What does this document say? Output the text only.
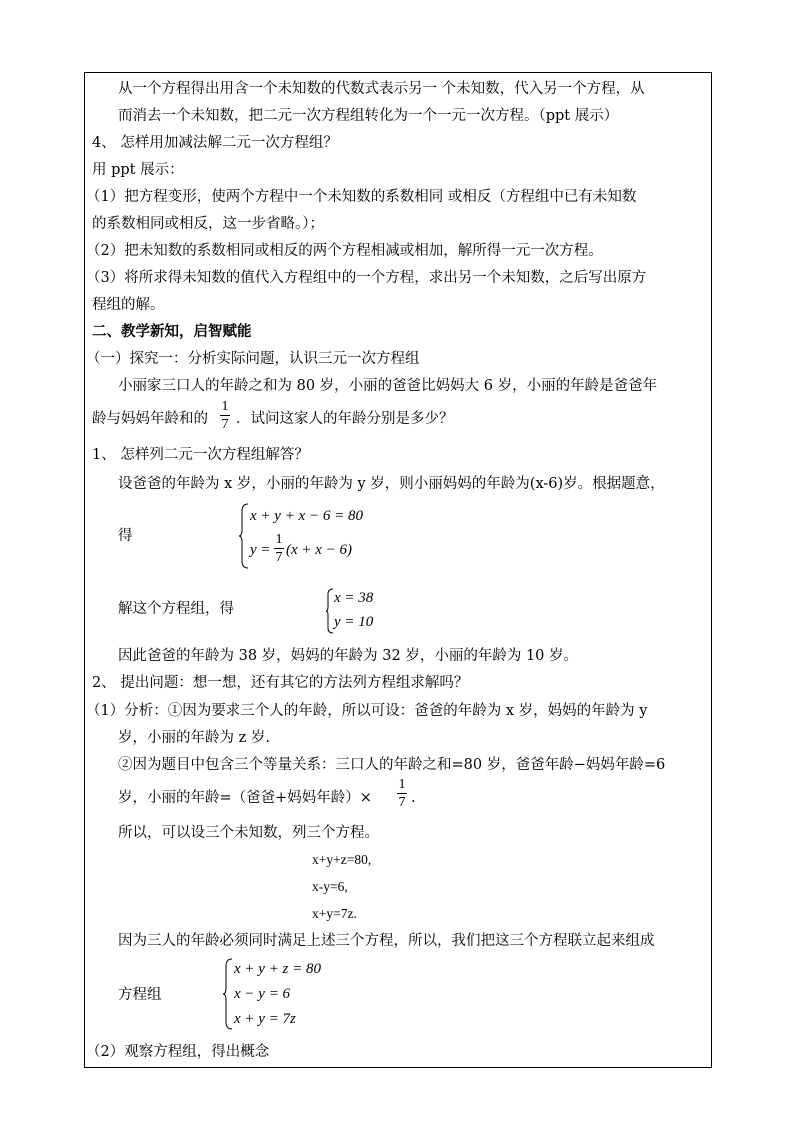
从一个方程得出用含一个未知数的代数式表示另一 个未知数，代入另一个方程，从
而消去一个未知数，把二元一次方程组转化为一个一元一次方程。（ppt 展示）
4、 怎样用加减法解二元一次方程组？
用 ppt 展示：
（1）把方程变形，使两个方程中一个未知数的系数相同 或相反（方程组中已有未知数
的系数相同或相反，这一步省略。）；
（2）把未知数的系数相同或相反的两个方程相减或相加，解所得一元一次方程。
（3）将所求得未知数的值代入方程组中的一个方程，求出另一个未知数，之后写出原方
程组的解。
二、教学新知，启智赋能
（一）探究一：分析实际问题，认识三元一次方程组
小丽家三口人的年龄之和为 80 岁，小丽的爸爸比妈妈大 6 岁，小丽的年龄是爸爸年
龄与妈妈年龄和的
1
7 ．试问这家人的年龄分别是多少？
1、 怎样列二元一次方程组解答？
设爸爸的年龄为 x 岁，小丽的年龄为 y 岁，则小丽妈妈的年龄为(x-6)岁。根据题意，
得
x + y + x − 6 = 80
y =
1
7 (x + x − 6)
解这个方程组，得
x = 38
y = 10
因此爸爸的年龄为 38 岁，妈妈的年龄为 32 岁，小丽的年龄为 10 岁。
2、 提出问题：想一想，还有其它的方法列方程组求解吗？
（1）分析：①因为要求三个人的年龄，所以可设：爸爸的年龄为 x 岁，妈妈的年龄为 y
岁，小丽的年龄为 z 岁.
②因为题目中包含三个等量关系：三口人的年龄之和=80 岁，爸爸年龄−妈妈年龄=6
岁，小丽的年龄=（爸爸+妈妈年龄）×
1
7 .
所以，可以设三个未知数，列三个方程。
x+y+z=80,
x-y=6,
x+y=7z.
因为三人的年龄必须同时满足上述三个方程，所以，我们把这三个方程联立起来组成
方程组
x + y + z = 80
x − y = 6
x + y = 7z
（2）观察方程组，得出概念
